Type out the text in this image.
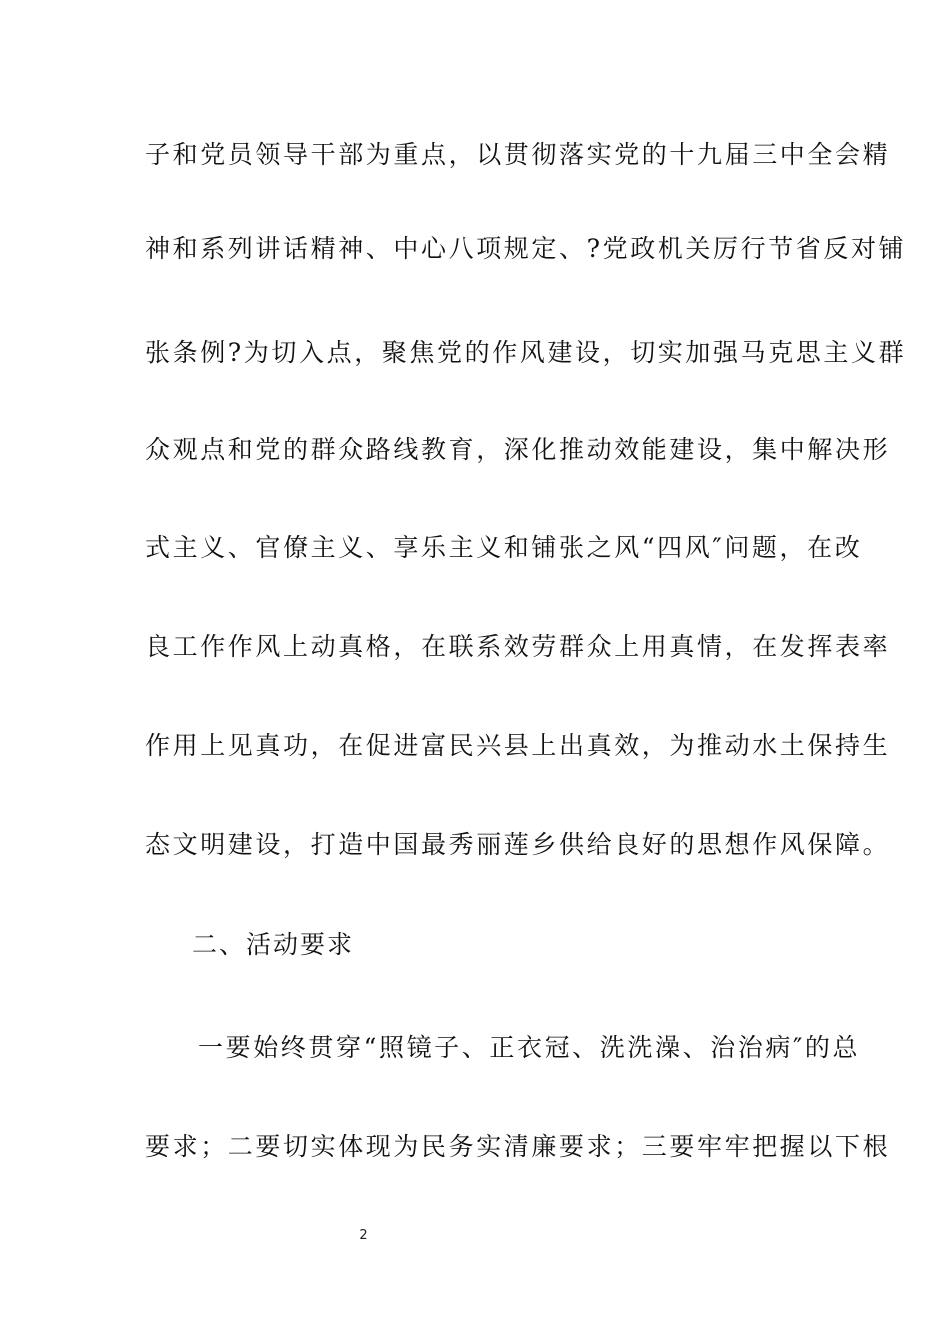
子和党员领导干部为重点，以贯彻落实党的十九届三中全会精
神和系列讲话精神、中心八项规定、?党政机关厉行节省反对铺
张条例?为切入点，聚焦党的作风建设，切实加强马克思主义群
众观点和党的群众路线教育，深化推动效能建设，集中解决形
式主义、官僚主义、享乐主义和铺张之风“四风″问题，在改
良工作作风上动真格，在联系效劳群众上用真情，在发挥表率
作用上见真功，在促进富民兴县上出真效，为推动水土保持生
态文明建设，打造中国最秀丽莲乡供给良好的思想作风保障。
二、活动要求
一要始终贯穿“照镜子、正衣冠、洗洗澡、治治病″的总
要求；二要切实体现为民务实清廉要求；三要牢牢把握以下根
2
